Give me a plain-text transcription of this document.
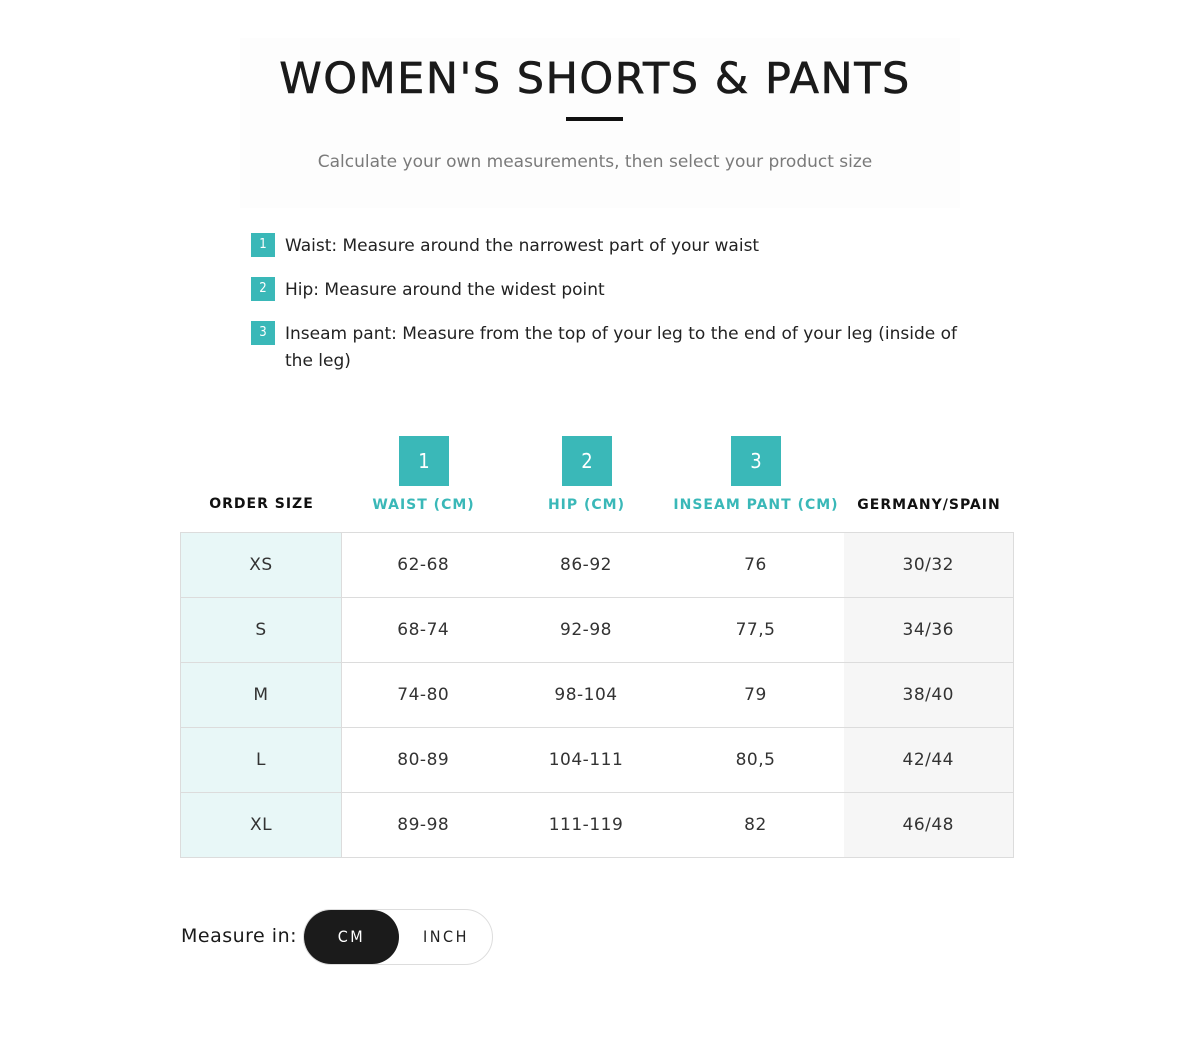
WOMEN'S SHORTS & PANTS

Calculate your own measurements, then select your product size

1	Waist: Measure around the narrowest part of your waist
2	Hip: Measure around the widest point
3	Inseam pant: Measure from the top of your leg to the end of your leg (inside of the leg)
1	2	3
ORDER SIZE	WAIST (CM)	HIP (CM)	INSEAM PANT (CM)	GERMANY/SPAIN
XS	62-68	86-92	76	30/32
S	68-74	92-98	77,5	34/36
M	74-80	98-104	79	38/40
L	80-89	104-111	80,5	42/44
XL	89-98	111-119	82	46/48
Measure in:	CM	INCH
